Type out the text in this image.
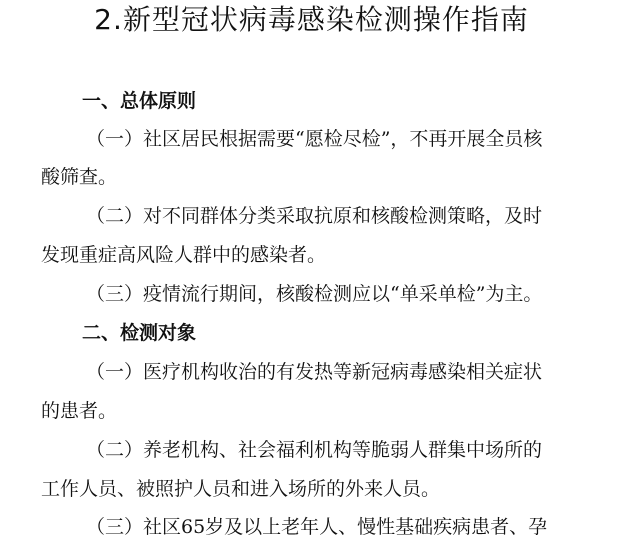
2.新型冠状病毒感染检测操作指南
一、总体原则
（一）社区居民根据需要“愿检尽检”，不再开展全员核
酸筛查。
（二）对不同群体分类采取抗原和核酸检测策略，及时
发现重症高风险人群中的感染者。
（三）疫情流行期间，核酸检测应以“单采单检”为主。
二、检测对象
（一）医疗机构收治的有发热等新冠病毒感染相关症状
的患者。
（二）养老机构、社会福利机构等脆弱人群集中场所的
工作人员、被照护人员和进入场所的外来人员。
（三）社区65岁及以上老年人、慢性基础疾病患者、孕
